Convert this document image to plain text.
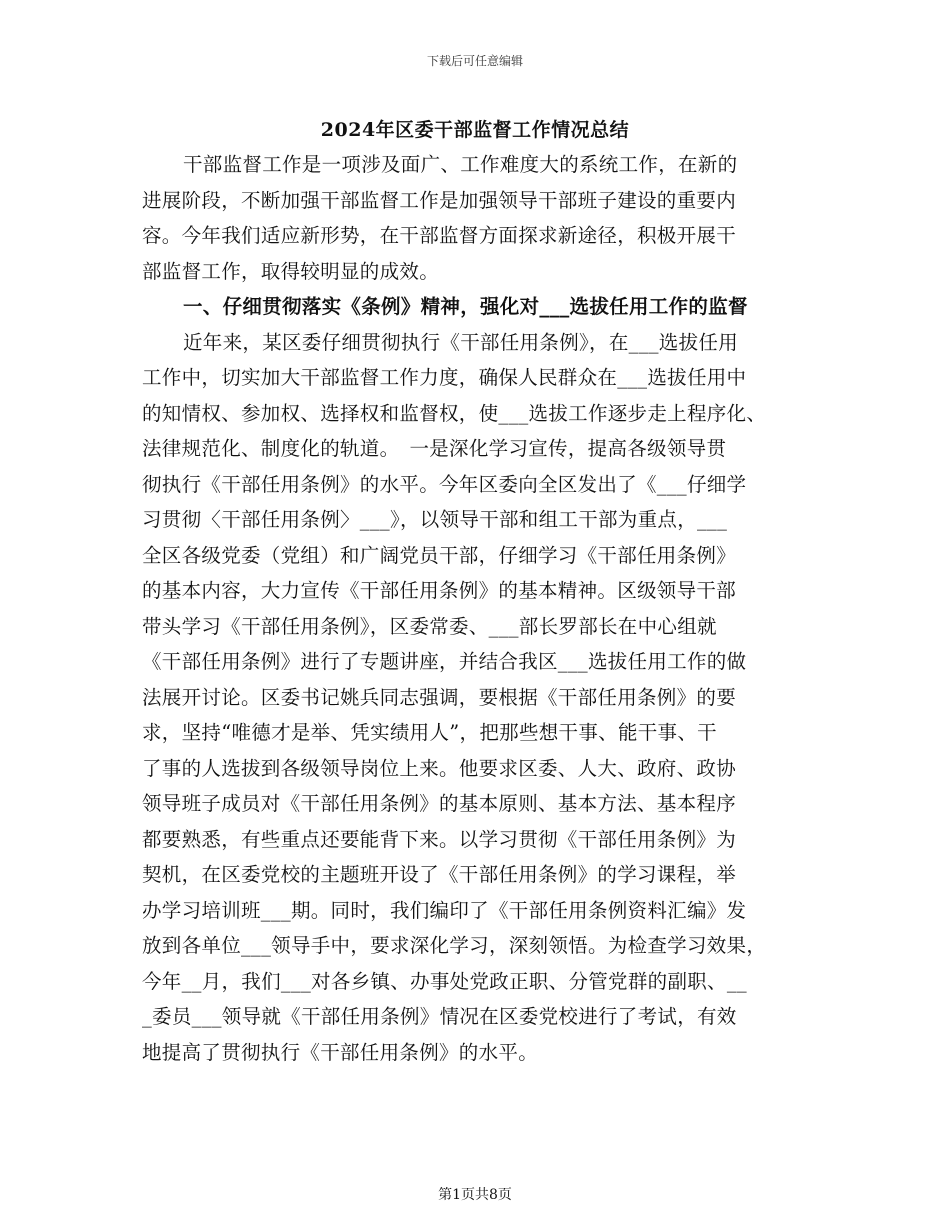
下载后可任意编辑
2024年区委干部监督工作情况总结
干部监督工作是一项涉及面广、工作难度大的系统工作，在新的
进展阶段，不断加强干部监督工作是加强领导干部班子建设的重要内
容。今年我们适应新形势，在干部监督方面探求新途径，积极开展干
部监督工作，取得较明显的成效。
一、仔细贯彻落实《条例》精神，强化对___选拔任用工作的监督
近年来，某区委仔细贯彻执行《干部任用条例》，在___选拔任用
工作中，切实加大干部监督工作力度，确保人民群众在___选拔任用中
的知情权、参加权、选择权和监督权，使___选拔工作逐步走上程序化、
法律规范化、制度化的轨道。　一是深化学习宣传，提高各级领导贯
彻执行《干部任用条例》的水平。今年区委向全区发出了《___仔细学
习贯彻〈干部任用条例〉___》，以领导干部和组工干部为重点，___
全区各级党委（党组）和广阔党员干部，仔细学习《干部任用条例》
的基本内容，大力宣传《干部任用条例》的基本精神。区级领导干部
带头学习《干部任用条例》，区委常委、___部长罗部长在中心组就
《干部任用条例》进行了专题讲座，并结合我区___选拔任用工作的做
法展开讨论。区委书记姚兵同志强调，要根据《干部任用条例》的要
求，坚持“唯德才是举、凭实绩用人”，把那些想干事、能干事、干
了事的人选拔到各级领导岗位上来。他要求区委、人大、政府、政协
领导班子成员对《干部任用条例》的基本原则、基本方法、基本程序
都要熟悉，有些重点还要能背下来。以学习贯彻《干部任用条例》为
契机，在区委党校的主题班开设了《干部任用条例》的学习课程，举
办学习培训班___期。同时，我们编印了《干部任用条例资料汇编》发
放到各单位___领导手中，要求深化学习，深刻领悟。为检查学习效果，
今年__月，我们___对各乡镇、办事处党政正职、分管党群的副职、__
_委员___领导就《干部任用条例》情况在区委党校进行了考试，有效
地提高了贯彻执行《干部任用条例》的水平。
第1页共8页
